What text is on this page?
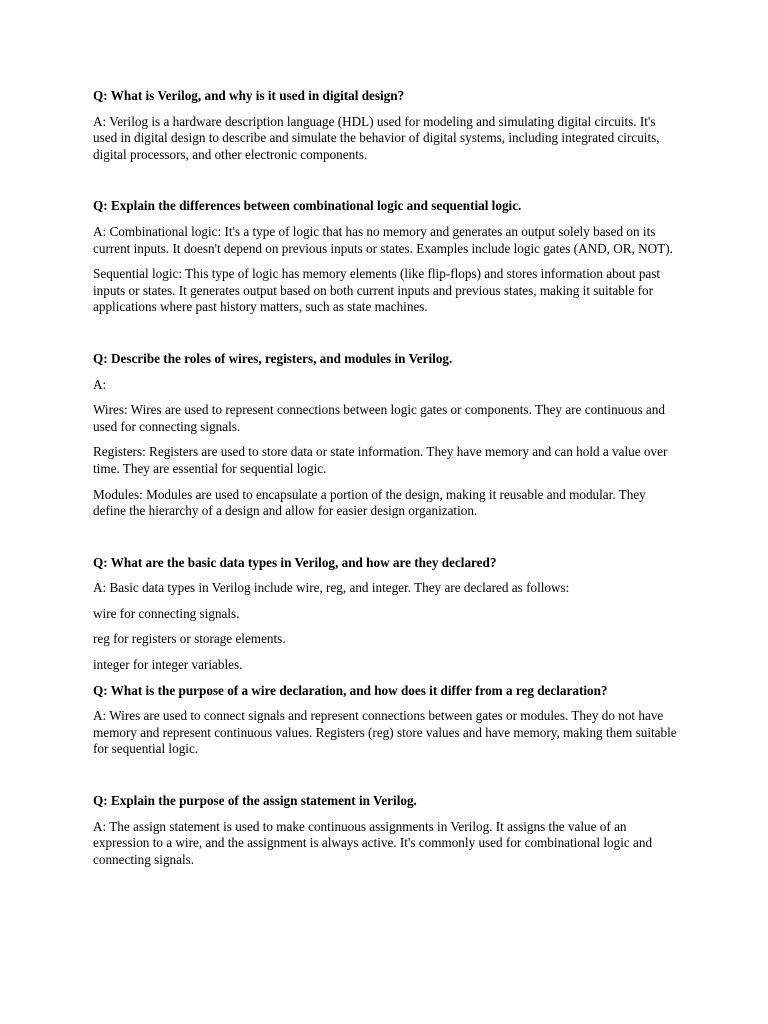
Q: What is Verilog, and why is it used in digital design?

A: Verilog is a hardware description language (HDL) used for modeling and simulating digital circuits. It's used in digital design to describe and simulate the behavior of digital systems, including integrated circuits, digital processors, and other electronic components.

Q: Explain the differences between combinational logic and sequential logic.

A: Combinational logic: It's a type of logic that has no memory and generates an output solely based on its current inputs. It doesn't depend on previous inputs or states. Examples include logic gates (AND, OR, NOT).

Sequential logic: This type of logic has memory elements (like flip-flops) and stores information about past inputs or states. It generates output based on both current inputs and previous states, making it suitable for applications where past history matters, such as state machines.

Q: Describe the roles of wires, registers, and modules in Verilog.

A:

Wires: Wires are used to represent connections between logic gates or components. They are continuous and used for connecting signals.

Registers: Registers are used to store data or state information. They have memory and can hold a value over time. They are essential for sequential logic.

Modules: Modules are used to encapsulate a portion of the design, making it reusable and modular. They define the hierarchy of a design and allow for easier design organization.

Q: What are the basic data types in Verilog, and how are they declared?

A: Basic data types in Verilog include wire, reg, and integer. They are declared as follows:

wire for connecting signals.

reg for registers or storage elements.

integer for integer variables.

Q: What is the purpose of a wire declaration, and how does it differ from a reg declaration?

A: Wires are used to connect signals and represent connections between gates or modules. They do not have memory and represent continuous values. Registers (reg) store values and have memory, making them suitable for sequential logic.

Q: Explain the purpose of the assign statement in Verilog.

A: The assign statement is used to make continuous assignments in Verilog. It assigns the value of an expression to a wire, and the assignment is always active. It's commonly used for combinational logic and connecting signals.
